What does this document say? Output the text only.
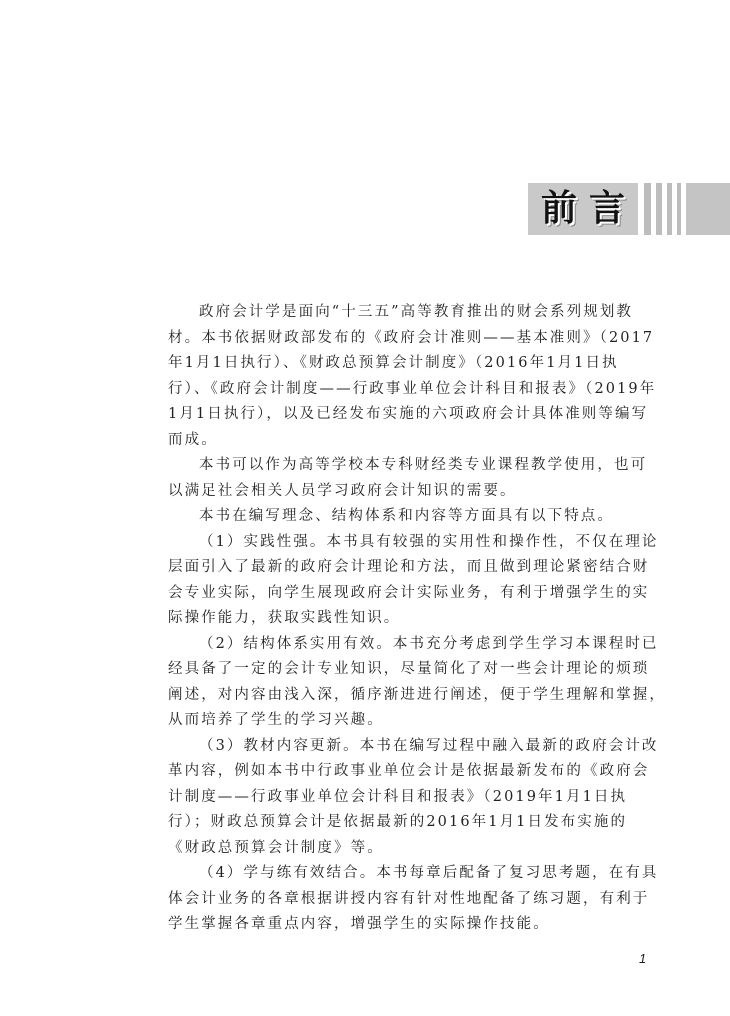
前 言
政府会计学是面向“十三五”高等教育推出的财会系列规划教
材。本书依据财政部发布的《政府会计准则——基本准则》（2017
年1月1日执行）、《财政总预算会计制度》（2016年1月1日执
行）、《政府会计制度——行政事业单位会计科目和报表》（2019年
1月1日执行），以及已经发布实施的六项政府会计具体准则等编写
而成。
本书可以作为高等学校本专科财经类专业课程教学使用，也可
以满足社会相关人员学习政府会计知识的需要。
本书在编写理念、结构体系和内容等方面具有以下特点。
（1）实践性强。本书具有较强的实用性和操作性，不仅在理论
层面引入了最新的政府会计理论和方法，而且做到理论紧密结合财
会专业实际，向学生展现政府会计实际业务，有利于增强学生的实
际操作能力，获取实践性知识。
（2）结构体系实用有效。本书充分考虑到学生学习本课程时已
经具备了一定的会计专业知识，尽量简化了对一些会计理论的烦琐
阐述，对内容由浅入深，循序渐进进行阐述，便于学生理解和掌握，
从而培养了学生的学习兴趣。
（3）教材内容更新。本书在编写过程中融入最新的政府会计改
革内容，例如本书中行政事业单位会计是依据最新发布的《政府会
计制度——行政事业单位会计科目和报表》（2019年1月1日执
行）；财政总预算会计是依据最新的2016年1月1日发布实施的
《财政总预算会计制度》等。
（4）学与练有效结合。本书每章后配备了复习思考题，在有具
体会计业务的各章根据讲授内容有针对性地配备了练习题，有利于
学生掌握各章重点内容，增强学生的实际操作技能。
1
